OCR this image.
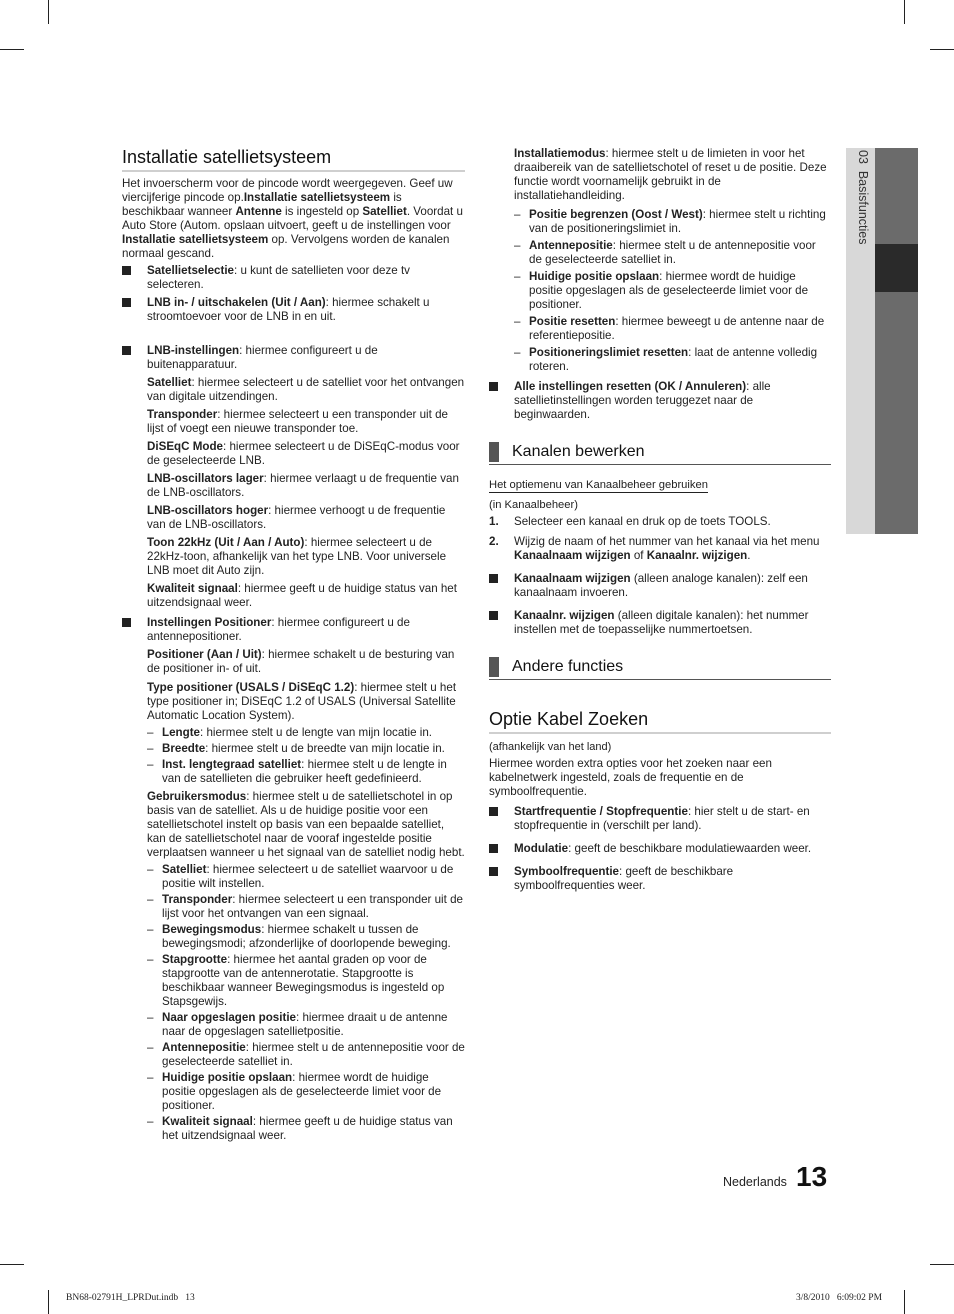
03  Basisfuncties
Installatie satellietsysteem

Het invoerscherm voor de pincode wordt weergegeven. Geef uw viercijferige pincode op.Installatie satellietsysteem is beschikbaar wanneer Antenne is ingesteld op Satelliet. Voordat u Auto Store (Autom. opslaan uitvoert, geeft u de instellingen voor Installatie satellietsysteem op. Vervolgens worden de kanalen normaal gescand.

Satellietselectie: u kunt de satellieten voor deze tv selecteren.
LNB in- / uitschakelen (Uit / Aan): hiermee schakelt u stroomtoevoer voor de LNB in en uit.
LNB-instellingen: hiermee configureert u de buitenapparatuur.
Satelliet: hiermee selecteert u de satelliet voor het ontvangen van digitale uitzendingen.
Transponder: hiermee selecteert u een transponder uit de lijst of voegt een nieuwe transponder toe.
DiSEqC Mode: hiermee selecteert u de DiSEqC-modus voor de geselecteerde LNB.
LNB-oscillators lager: hiermee verlaagt u de frequentie van de LNB-oscillators.
LNB-oscillators hoger: hiermee verhoogt u de frequentie van de LNB-oscillators.
Toon 22kHz (Uit / Aan / Auto): hiermee selecteert u de 22kHz-toon, afhankelijk van het type LNB. Voor universele LNB moet dit Auto zijn.
Kwaliteit signaal: hiermee geeft u de huidige status van het uitzendsignaal weer.
Instellingen Positioner: hiermee configureert u de antennepositioner.
Positioner (Aan / Uit): hiermee schakelt u de besturing van de positioner in- of uit.
Type positioner (USALS / DiSEqC 1.2): hiermee stelt u het type positioner in; DiSEqC 1.2 of USALS (Universal Satellite Automatic Location System).
– Lengte: hiermee stelt u de lengte van mijn locatie in.
– Breedte: hiermee stelt u de breedte van mijn locatie in.
– Inst. lengtegraad satelliet: hiermee stelt u de lengte in van de satellieten die gebruiker heeft gedefinieerd.
Gebruikersmodus: hiermee stelt u de satellietschotel in op basis van de satelliet. Als u de huidige positie voor een satellietschotel instelt op basis van een bepaalde satelliet, kan de satellietschotel naar de vooraf ingestelde positie verplaatsen wanneer u het signaal van de satelliet nodig hebt.
– Satelliet: hiermee selecteert u de satelliet waarvoor u de positie wilt instellen.
– Transponder: hiermee selecteert u een transponder uit de lijst voor het ontvangen van een signaal.
– Bewegingsmodus: hiermee schakelt u tussen de bewegingsmodi; afzonderlijke of doorlopende beweging.
– Stapgrootte: hiermee het aantal graden op voor de stapgrootte van de antennerotatie. Stapgrootte is beschikbaar wanneer Bewegingsmodus is ingesteld op Stapsgewijs.
– Naar opgeslagen positie: hiermee draait u de antenne naar de opgeslagen satellietpositie.
– Antennepositie: hiermee stelt u de antennepositie voor de geselecteerde satelliet in.
– Huidige positie opslaan: hiermee wordt de huidige positie opgeslagen als de geselecteerde limiet voor de positioner.
– Kwaliteit signaal: hiermee geeft u de huidige status van het uitzendsignaal weer.
Installatiemodus: hiermee stelt u de limieten in voor het draaibereik van de satellietschotel of reset u de positie. Deze functie wordt voornamelijk gebruikt in de installatiehandleiding.
– Positie begrenzen (Oost / West): hiermee stelt u richting van de positioneringslimiet in.
– Antennepositie: hiermee stelt u de antennepositie voor de geselecteerde satelliet in.
– Huidige positie opslaan: hiermee wordt de huidige positie opgeslagen als de geselecteerde limiet voor de positioner.
– Positie resetten: hiermee beweegt u de antenne naar de referentiepositie.
– Positioneringslimiet resetten: laat de antenne volledig roteren.
Alle instellingen resetten (OK / Annuleren): alle satellietinstellingen worden teruggezet naar de beginwaarden.
Kanalen bewerken
Het optiemenu van Kanaalbeheer gebruiken
(in Kanaalbeheer)
1. Selecteer een kanaal en druk op de toets TOOLS.
2. Wijzig de naam of het nummer van het kanaal via het menu Kanaalnaam wijzigen of Kanaalnr. wijzigen.
Kanaalnaam wijzigen (alleen analoge kanalen): zelf een kanaalnaam invoeren.
Kanaalnr. wijzigen (alleen digitale kanalen): het nummer instellen met de toepasselijke nummertoetsen.
Andere functies
Optie Kabel Zoeken
(afhankelijk van het land)

Hiermee worden extra opties voor het zoeken naar een kabelnetwerk ingesteld, zoals de frequentie en de symboolfrequentie.

Startfrequentie / Stopfrequentie: hier stelt u de start- en stopfrequentie in (verschilt per land).
Modulatie: geeft de beschikbare modulatiewaarden weer.
Symboolfrequentie: geeft de beschikbare symboolfrequenties weer.
Nederlands 13
BN68-02791H_LPRDut.indb   13	3/8/2010   6:09:02 PM
